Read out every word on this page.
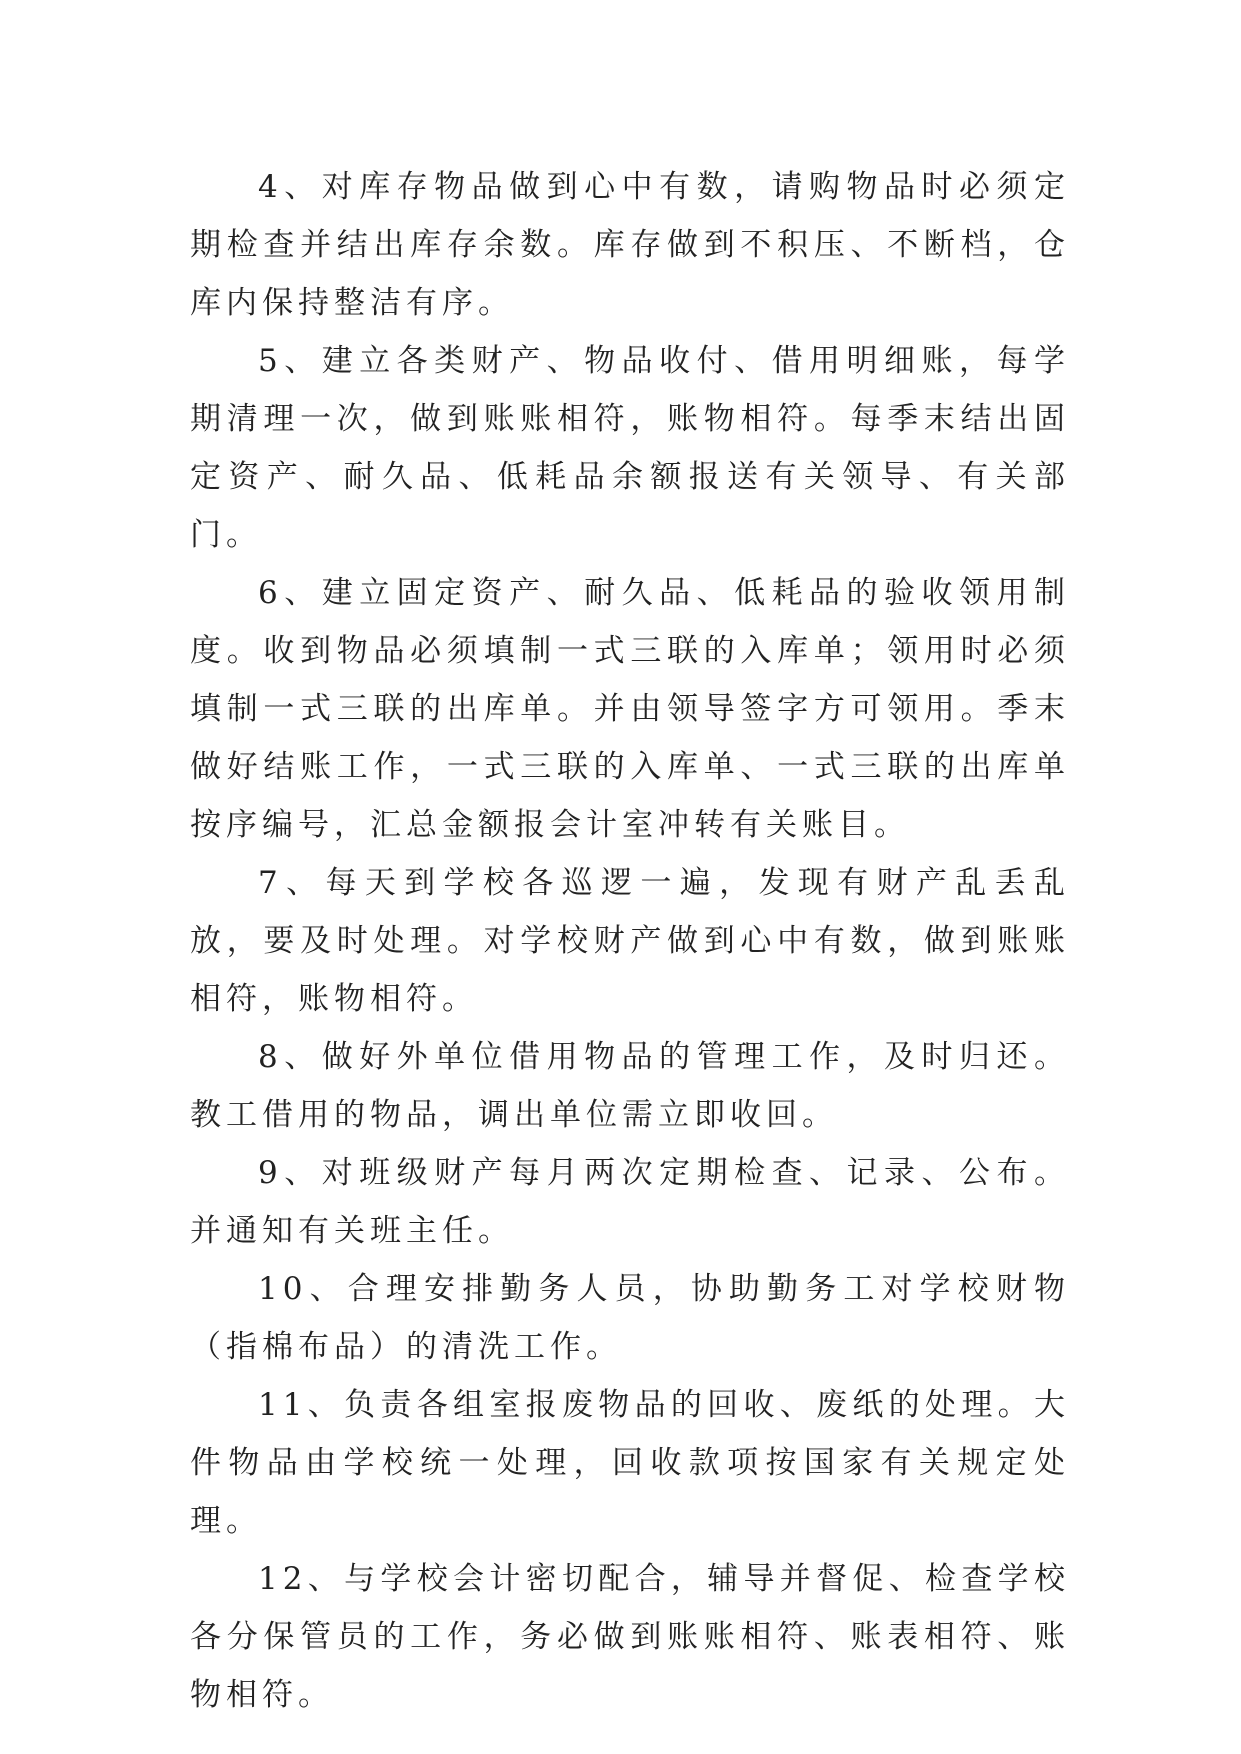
4、对库存物品做到心中有数，请购物品时必须定期检查并结出库存余数。库存做到不积压、不断档，仓库内保持整洁有序。

5、建立各类财产、物品收付、借用明细账，每学期清理一次，做到账账相符，账物相符。每季末结出固定资产、耐久品、低耗品余额报送有关领导、有关部门。

6、建立固定资产、耐久品、低耗品的验收领用制度。收到物品必须填制一式三联的入库单；领用时必须填制一式三联的出库单。并由领导签字方可领用。季末做好结账工作，一式三联的入库单、一式三联的出库单按序编号，汇总金额报会计室冲转有关账目。

7、每天到学校各巡逻一遍，发现有财产乱丢乱放，要及时处理。对学校财产做到心中有数，做到账账相符，账物相符。

8、做好外单位借用物品的管理工作，及时归还。教工借用的物品，调出单位需立即收回。

9、对班级财产每月两次定期检查、记录、公布。并通知有关班主任。

10、合理安排勤务人员，协助勤务工对学校财物（指棉布品）的清洗工作。

11、负责各组室报废物品的回收、废纸的处理。大件物品由学校统一处理，回收款项按国家有关规定处理。

12、与学校会计密切配合，辅导并督促、检查学校各分保管员的工作，务必做到账账相符、账表相符、账物相符。
